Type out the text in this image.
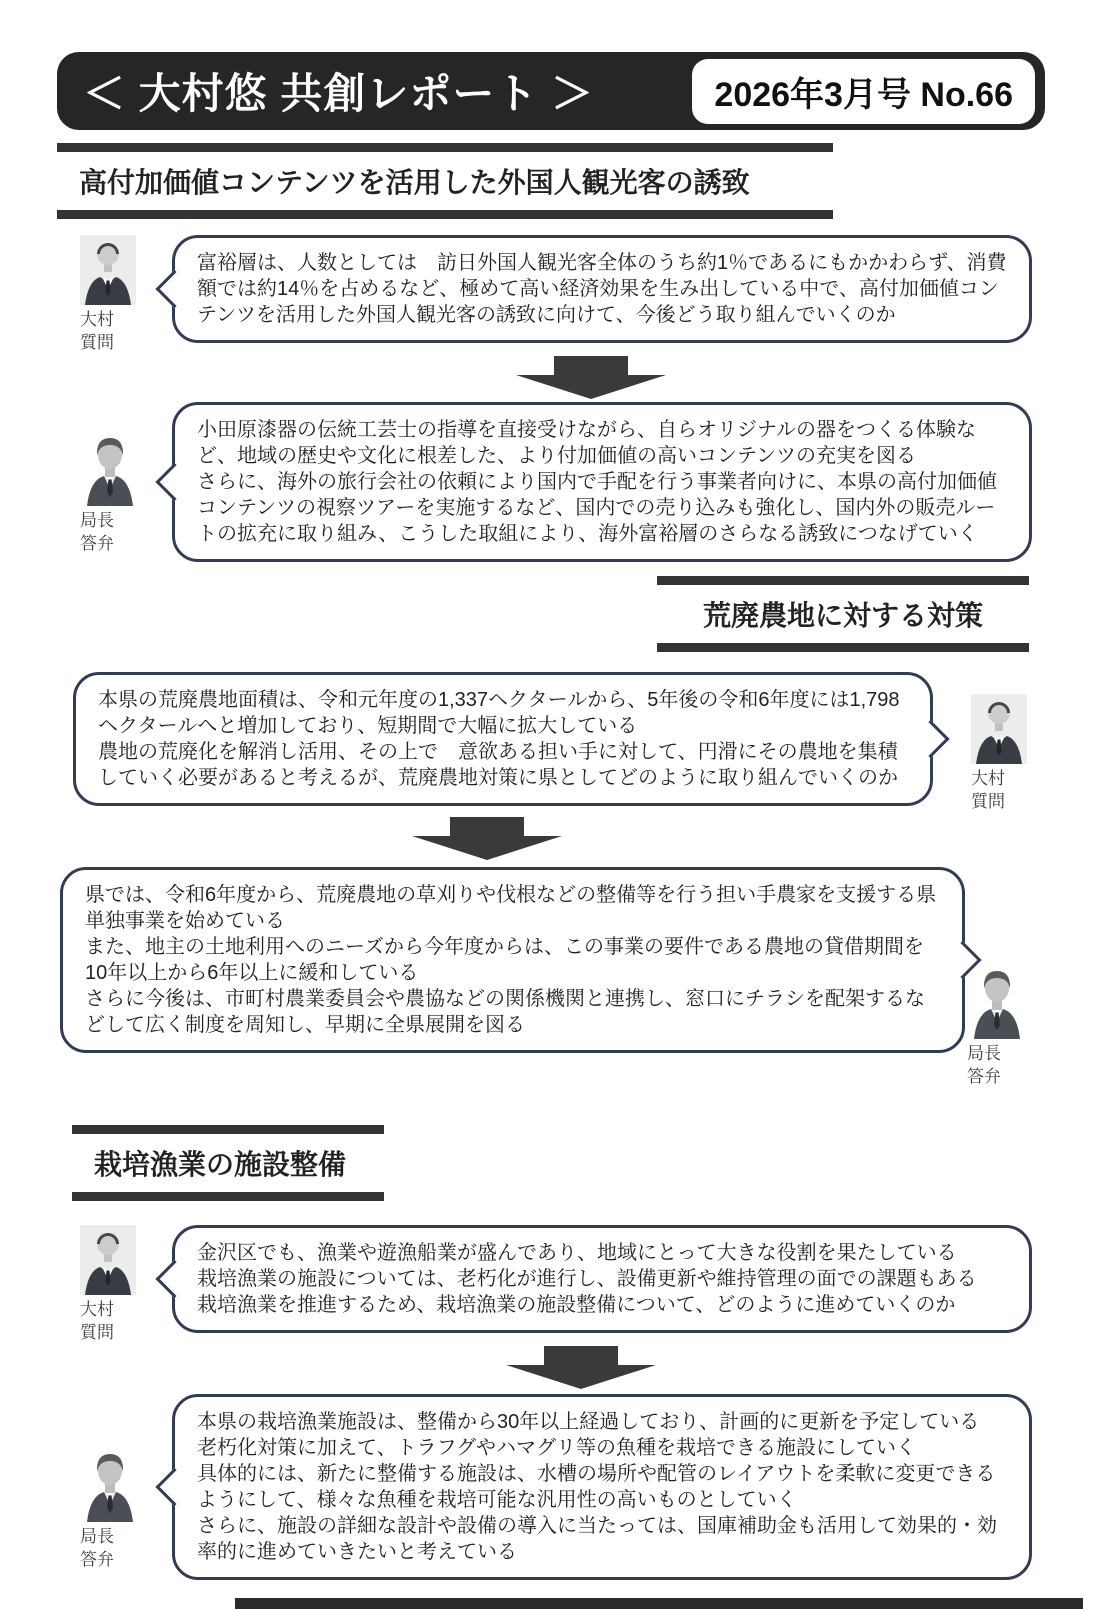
＜ 大村悠 共創レポート ＞	2026年3月号 No.66
高付加価値コンテンツを活用した外国人観光客の誘致
大村
質問

富裕層は、人数としては　訪日外国人観光客全体のうち約1％であるにもかかわらず、消費額では約14％を占めるなど、極めて高い経済効果を生み出している中で、高付加価値コンテンツを活用した外国人観光客の誘致に向けて、今後どう取り組んでいくのか

局長
答弁

小田原漆器の伝統工芸士の指導を直接受けながら、自らオリジナルの器をつくる体験など、地域の歴史や文化に根差した、より付加価値の高いコンテンツの充実を図る

さらに、海外の旅行会社の依頼により国内で手配を行う事業者向けに、本県の高付加価値コンテンツの視察ツアーを実施するなど、国内での売り込みも強化し、国内外の販売ルートの拡充に取り組み、こうした取組により、海外富裕層のさらなる誘致につなげていく

荒廃農地に対する対策

本県の荒廃農地面積は、令和元年度の1,337ヘクタールから、5年後の令和6年度には1,798ヘクタールへと増加しており、短期間で大幅に拡大している

農地の荒廃化を解消し活用、その上で　意欲ある担い手に対して、円滑にその農地を集積していく必要があると考えるが、荒廃農地対策に県としてどのように取り組んでいくのか	大村
質問

県では、令和6年度から、荒廃農地の草刈りや伐根などの整備等を行う担い手農家を支援する県単独事業を始めている

また、地主の土地利用へのニーズから今年度からは、この事業の要件である農地の貸借期間を10年以上から6年以上に緩和している

さらに今後は、市町村農業委員会や農協などの関係機関と連携し、窓口にチラシを配架するなどして広く制度を周知し、早期に全県展開を図る

局長
答弁
栽培漁業の施設整備
大村
質問

金沢区でも、漁業や遊漁船業が盛んであり、地域にとって大きな役割を果たしている

栽培漁業の施設については、老朽化が進行し、設備更新や維持管理の面での課題もある

栽培漁業を推進するため、栽培漁業の施設整備について、どのように進めていくのか

局長
答弁

本県の栽培漁業施設は、整備から30年以上経過しており、計画的に更新を予定している

老朽化対策に加えて、トラフグやハマグリ等の魚種を栽培できる施設にしていく

具体的には、新たに整備する施設は、水槽の場所や配管のレイアウトを柔軟に変更できるようにして、様々な魚種を栽培可能な汎用性の高いものとしていく

さらに、施設の詳細な設計や設備の導入に当たっては、国庫補助金も活用して効果的・効率的に進めていきたいと考えている
